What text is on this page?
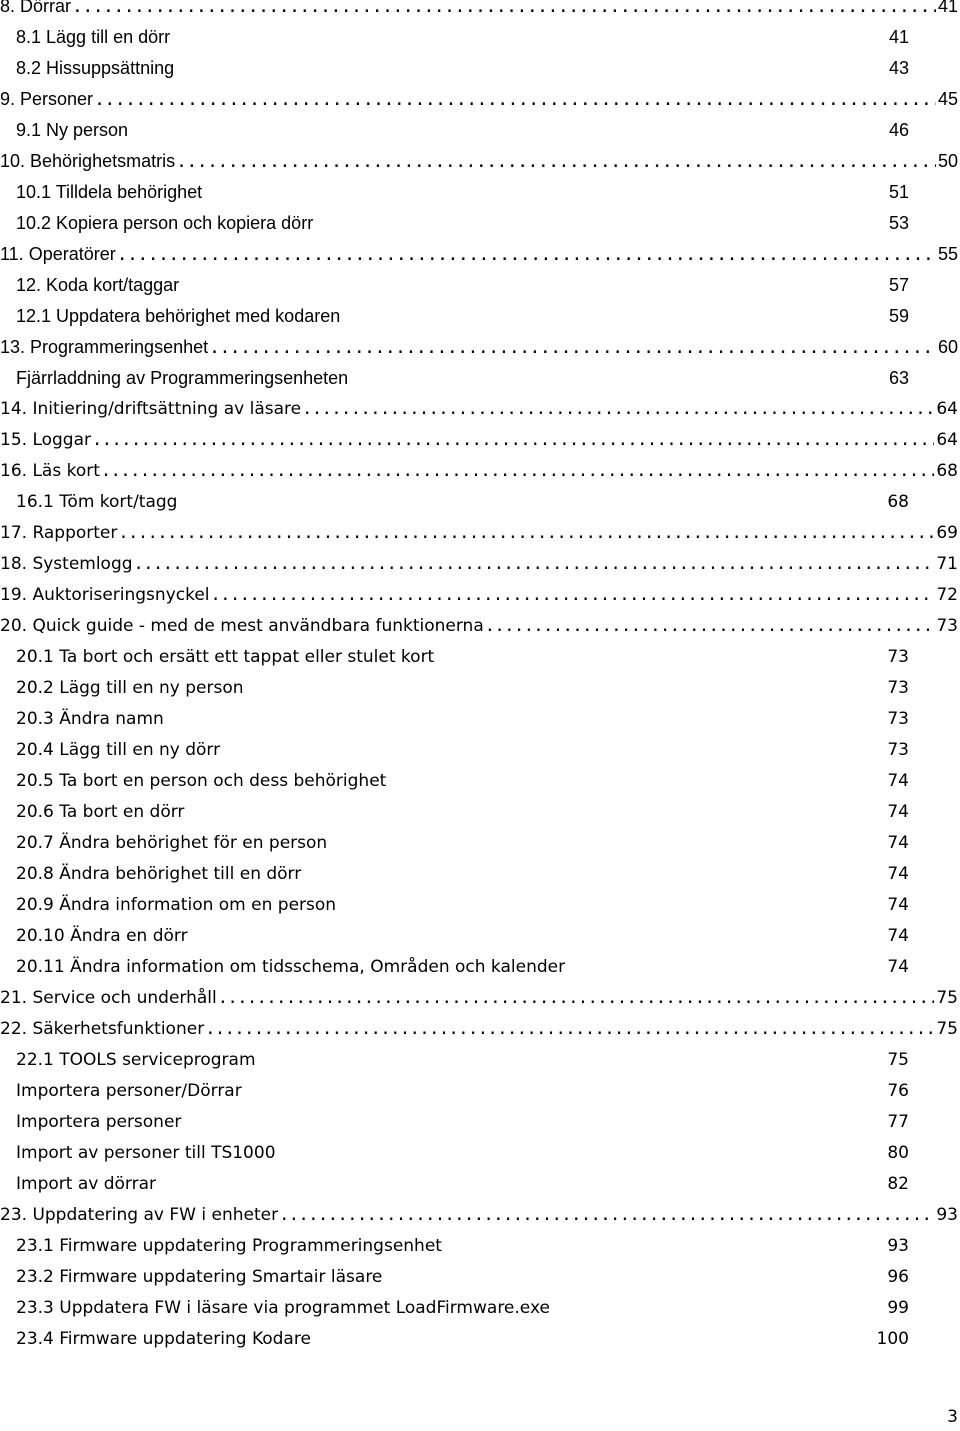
8. Dörrar .....	41
8.1 Lägg till en dörr	41
8.2 Hissuppsättning	43
9. Personer .....	45
9.1 Ny person	46
10. Behörighetsmatris .....	50
10.1 Tilldela behörighet	51
10.2 Kopiera person och kopiera dörr	53
11. Operatörer .....	55
12. Koda kort/taggar	57
12.1 Uppdatera behörighet med kodaren	59
13. Programmeringsenhet .....	60
Fjärrladdning av Programmeringsenheten	63
14. Initiering/driftsättning av läsare .....	64
15. Loggar .....	64
16. Läs kort .....	68
16.1 Töm kort/tagg	68
17. Rapporter .....	69
18. Systemlogg .....	71
19. Auktoriseringsnyckel .....	72
20. Quick guide - med de mest användbara funktionerna .....	73
20.1 Ta bort och ersätt ett tappat eller stulet kort	73
20.2 Lägg till en ny person	73
20.3 Ändra namn	73
20.4 Lägg till en ny dörr	73
20.5 Ta bort en person och dess behörighet	74
20.6 Ta bort en dörr	74
20.7 Ändra behörighet för en person	74
20.8 Ändra behörighet till en dörr	74
20.9 Ändra information om en person	74
20.10 Ändra en dörr	74
20.11 Ändra information om tidsschema, Områden och kalender	74
21. Service och underhåll .....	75
22. Säkerhetsfunktioner .....	75
22.1 TOOLS serviceprogram	75
Importera personer/Dörrar	76
Importera personer	77
Import av personer till TS1000	80
Import av dörrar	82
23. Uppdatering av FW i enheter .....	93
23.1 Firmware uppdatering Programmeringsenhet	93
23.2 Firmware uppdatering Smartair läsare	96
23.3 Uppdatera FW i läsare via programmet LoadFirmware.exe	99
23.4 Firmware uppdatering Kodare	100
3
